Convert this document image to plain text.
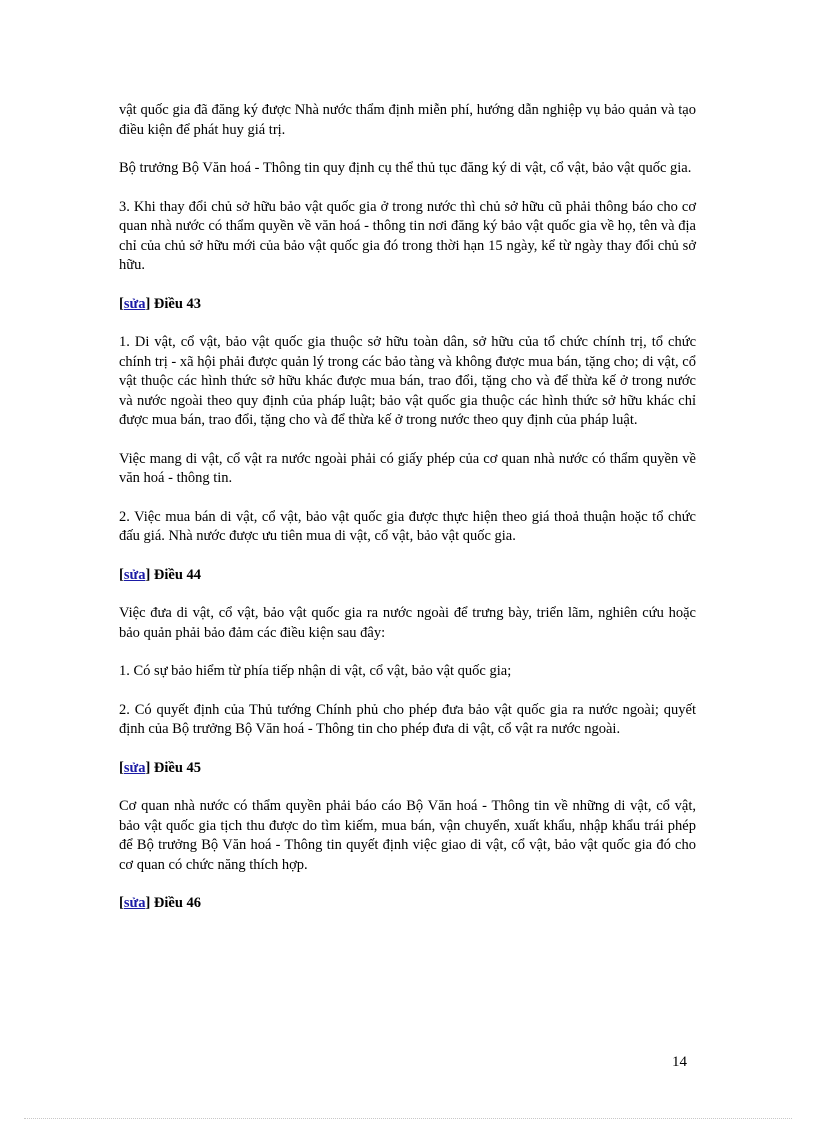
vật quốc gia đã đăng ký được Nhà nước thẩm định miễn phí, hướng dẫn nghiệp vụ bảo quản và tạo điều kiện để phát huy giá trị.

Bộ trưởng Bộ Văn hoá - Thông tin quy định cụ thể thủ tục đăng ký di vật, cổ vật, bảo vật quốc gia.

3. Khi thay đổi chủ sở hữu bảo vật quốc gia ở trong nước thì chủ sở hữu cũ phải thông báo cho cơ quan nhà nước có thẩm quyền về văn hoá - thông tin nơi đăng ký bảo vật quốc gia về họ, tên và địa chỉ của chủ sở hữu mới của bảo vật quốc gia đó trong thời hạn 15 ngày, kể từ ngày thay đổi chủ sở hữu.

[sửa] Điều 43

1. Di vật, cổ vật, bảo vật quốc gia thuộc sở hữu toàn dân, sở hữu của tổ chức chính trị, tổ chức chính trị - xã hội phải được quản lý trong các bảo tàng và không được mua bán, tặng cho; di vật, cổ vật thuộc các hình thức sở hữu khác được mua bán, trao đổi, tặng cho và để thừa kế ở trong nước và nước ngoài theo quy định của pháp luật; bảo vật quốc gia thuộc các hình thức sở hữu khác chỉ được mua bán, trao đổi, tặng cho và để thừa kế ở trong nước theo quy định của pháp luật.

Việc mang di vật, cổ vật ra nước ngoài phải có giấy phép của cơ quan nhà nước có thẩm quyền về văn hoá - thông tin.

2. Việc mua bán di vật, cổ vật, bảo vật quốc gia được thực hiện theo giá thoả thuận hoặc tổ chức đấu giá. Nhà nước được ưu tiên mua di vật, cổ vật, bảo vật quốc gia.

[sửa] Điều 44

Việc đưa di vật, cổ vật, bảo vật quốc gia ra nước ngoài để trưng bày, triển lãm, nghiên cứu hoặc bảo quản phải bảo đảm các điều kiện sau đây:

1. Có sự bảo hiểm từ phía tiếp nhận di vật, cổ vật, bảo vật quốc gia;

2. Có quyết định của Thủ tướng Chính phủ cho phép đưa bảo vật quốc gia ra nước ngoài; quyết định của Bộ trưởng Bộ Văn hoá - Thông tin cho phép đưa di vật, cổ vật ra nước ngoài.

[sửa] Điều 45

Cơ quan nhà nước có thẩm quyền phải báo cáo Bộ Văn hoá - Thông tin về những di vật, cổ vật, bảo vật quốc gia tịch thu được do tìm kiếm, mua bán, vận chuyển, xuất khẩu, nhập khẩu trái phép để Bộ trưởng Bộ Văn hoá - Thông tin quyết định việc giao di vật, cổ vật, bảo vật quốc gia đó cho cơ quan có chức năng thích hợp.

[sửa] Điều 46
14
